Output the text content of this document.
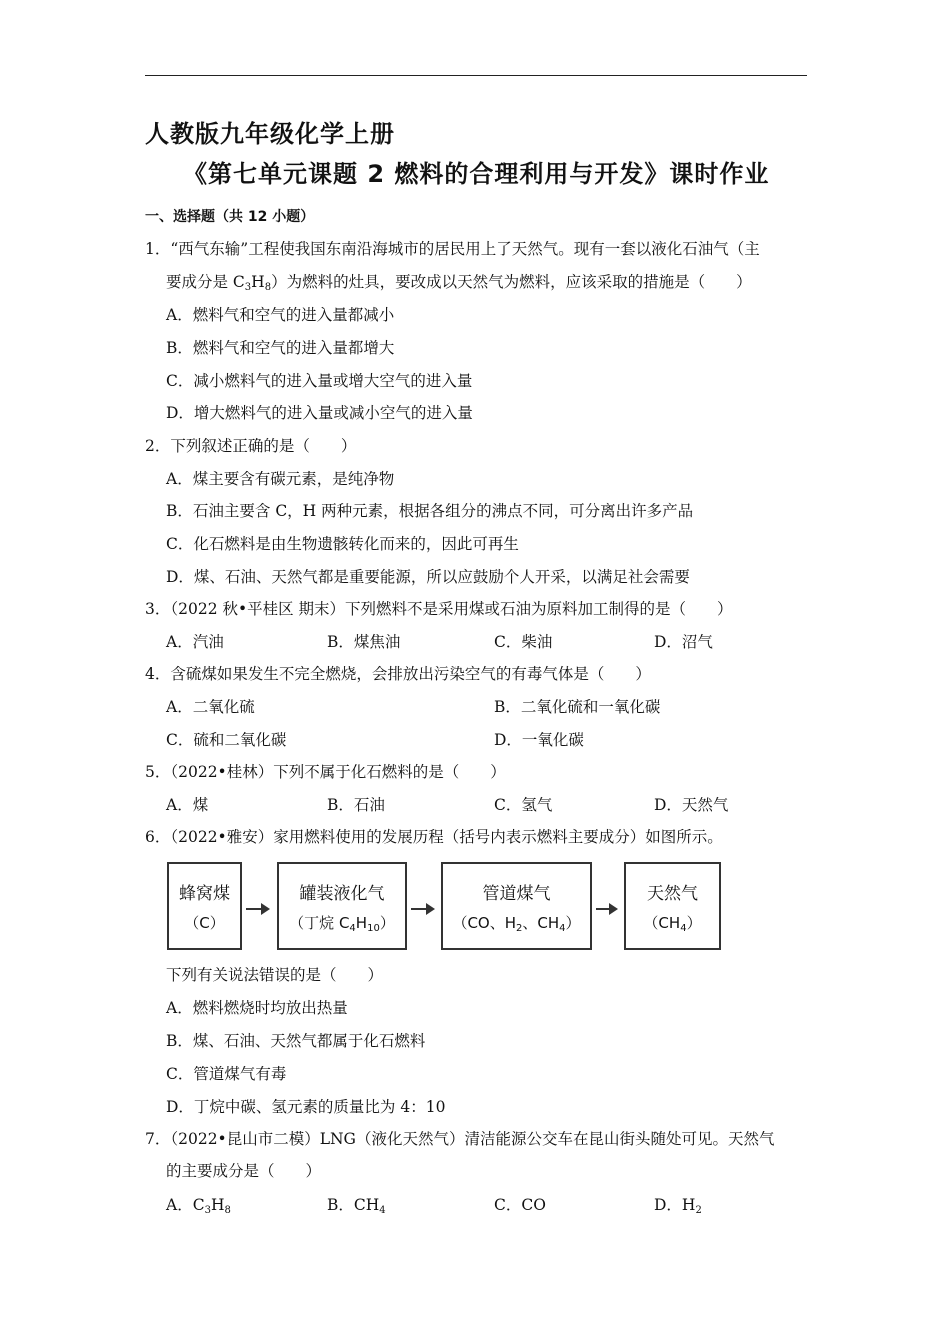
人教版九年级化学上册
《第七单元课题 2 燃料的合理利用与开发》课时作业
一、选择题（共 12 小题）
1．“西气东输”工程使我国东南沿海城市的居民用上了天然气。现有一套以液化石油气（主
要成分是 $C_3H_8$）为燃料的灶具，要改成以天然气为燃料，应该采取的措施是（　　）
A．燃料气和空气的进入量都减小
B．燃料气和空气的进入量都增大
C．减小燃料气的进入量或增大空气的进入量
D．增大燃料气的进入量或减小空气的进入量
2．下列叙述正确的是（　　）
A．煤主要含有碳元素，是纯净物
B．石油主要含 C，H 两种元素，根据各组分的沸点不同，可分离出许多产品
C．化石燃料是由生物遗骸转化而来的，因此可再生
D．煤、石油、天然气都是重要能源，所以应鼓励个人开采，以满足社会需要
3．（2022 秋•平桂区 期末）下列燃料不是采用煤或石油为原料加工制得的是（　　）
A．汽油	B．煤焦油	C．柴油	D．沼气
4．含硫煤如果发生不完全燃烧，会排放出污染空气的有毒气体是（　　）
A．二氧化硫	B．二氧化硫和一氧化碳
C．硫和二氧化碳	D．一氧化碳
5．（2022•桂林）下列不属于化石燃料的是（　　）
A．煤	B．石油	C．氢气	D．天然气
6．（2022•雅安）家用燃料使用的发展历程（括号内表示燃料主要成分）如图所示。
蜂窝煤
（C）
罐装液化气
（丁烷 $C_4H_{10}$）
管道煤气
（CO、$H_2$、$CH_4$）
天然气
$(CH_4)$
下列有关说法错误的是（　　）
A．燃料燃烧时均放出热量
B．煤、石油、天然气都属于化石燃料
C．管道煤气有毒
D．丁烷中碳、氢元素的质量比为 4：10
7．（2022•昆山市二模）LNG（液化天然气）清洁能源公交车在昆山街头随处可见。天然气
的主要成分是（　　）
A．$C_3H_8$	B．$CH_4$	C．CO	D．$H_2$
